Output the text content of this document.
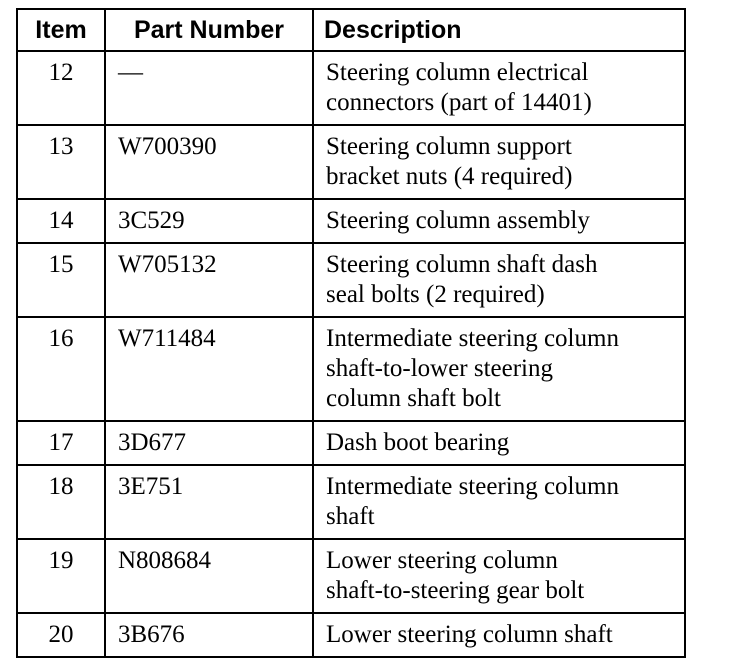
Item	Part Number	Description
12	—	Steering column electrical
connectors (part of 14401)

13	W700390	Steering column support
bracket nuts (4 required)

14	3C529	Steering column assembly

15	W705132	Steering column shaft dash
seal bolts (2 required)

16	W711484	Intermediate steering column
shaft-to-lower steering
column shaft bolt

17	3D677	Dash boot bearing

18	3E751	Intermediate steering column
shaft

19	N808684	Lower steering column
shaft-to-steering gear bolt

20	3B676	Lower steering column shaft
